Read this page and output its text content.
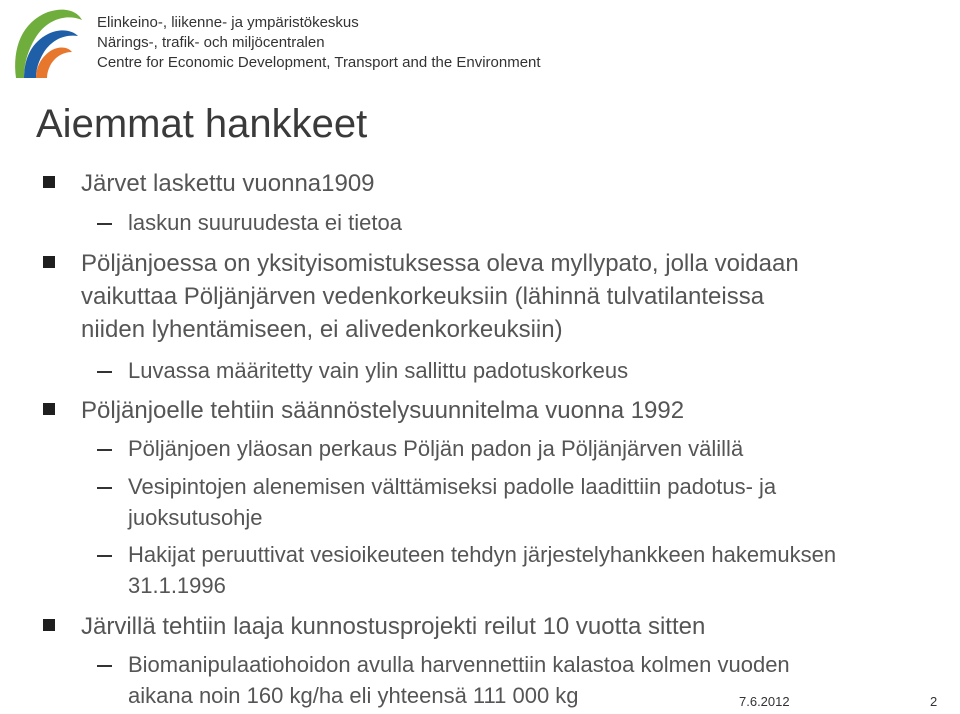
Elinkeino-, liikenne- ja ympäristökeskus
Närings-, trafik- och miljöcentralen
Centre for Economic Development, Transport and the Environment
Aiemmat hankkeet
Järvet laskettu vuonna1909
laskun suuruudesta ei tietoa
Pöljänjoessa on yksityisomistuksessa oleva myllypato, jolla voidaan
vaikuttaa Pöljänjärven vedenkorkeuksiin (lähinnä tulvatilanteissa
niiden lyhentämiseen, ei alivedenkorkeuksiin)
Luvassa määritetty vain ylin sallittu padotuskorkeus
Pöljänjoelle tehtiin säännöstelysuunnitelma vuonna 1992
Pöljänjoen yläosan perkaus Pöljän padon ja Pöljänjärven välillä
Vesipintojen alenemisen välttämiseksi padolle laadittiin padotus- ja
juoksutusohje
Hakijat peruuttivat vesioikeuteen tehdyn järjestelyhankkeen hakemuksen
31.1.1996
Järvillä tehtiin laaja kunnostusprojekti reilut 10 vuotta sitten
Biomanipulaatiohoidon avulla harvennettiin kalastoa kolmen vuoden
aikana noin 160 kg/ha eli yhteensä 111 000 kg	7.6.2012	2
